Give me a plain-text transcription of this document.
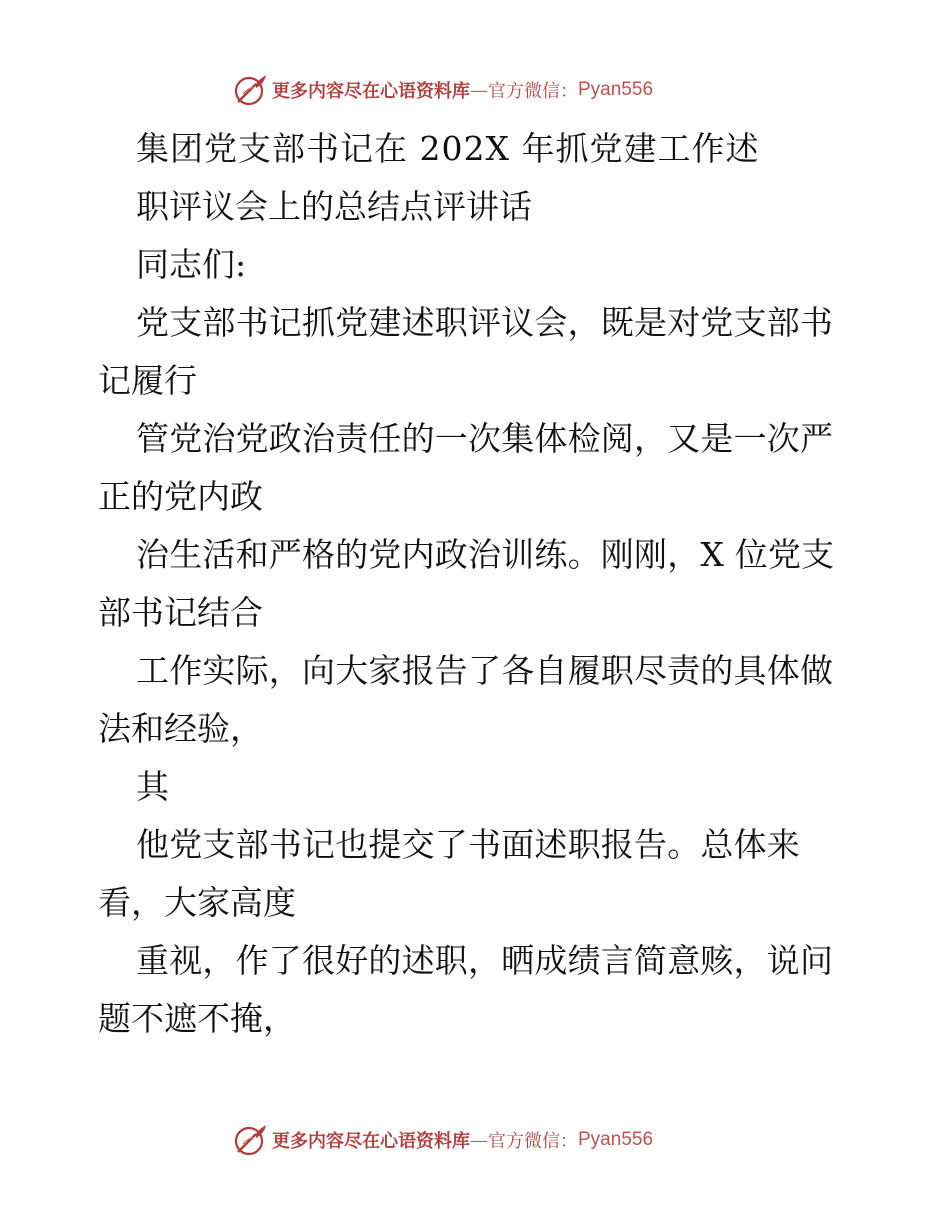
更多内容尽在心语资料库 — 官方微信： Pyan556
集团党支部书记在 202X 年抓党建工作述
职评议会上的总结点评讲话
同志们:
党支部书记抓党建述职评议会，既是对党支部书
记履行
管党治党政治责任的一次集体检阅，又是一次严
正的党内政
治生活和严格的党内政治训练。刚刚，X 位党支
部书记结合
工作实际，向大家报告了各自履职尽责的具体做
法和经验，
其
他党支部书记也提交了书面述职报告。总体来
看，大家高度
重视，作了很好的述职，晒成绩言简意赅，说问
题不遮不掩，
更多内容尽在心语资料库 — 官方微信： Pyan556
